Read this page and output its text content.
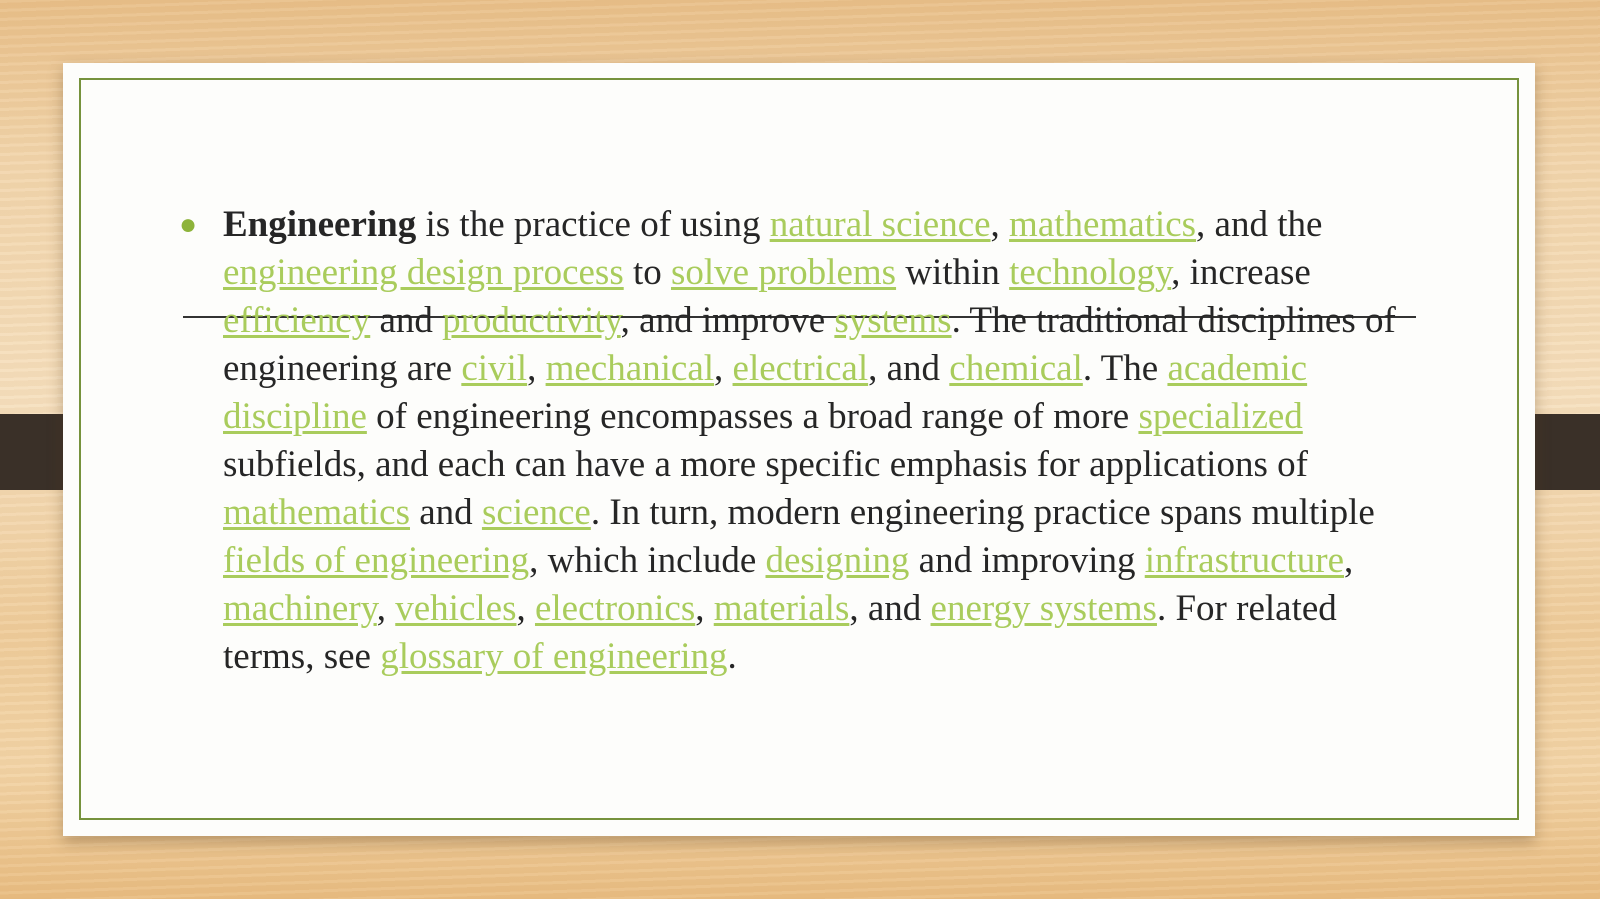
● Engineering is the practice of using natural science, mathematics, and the engineering design process to solve problems within technology, increase efficiency and productivity, and improve systems. The traditional disciplines of engineering are civil, mechanical, electrical, and chemical. The academic discipline of engineering encompasses a broad range of more specialized subfields, and each can have a more specific emphasis for applications of mathematics and science. In turn, modern engineering practice spans multiple fields of engineering, which include designing and improving infrastructure, machinery, vehicles, electronics, materials, and energy systems. For related terms, see glossary of engineering.
